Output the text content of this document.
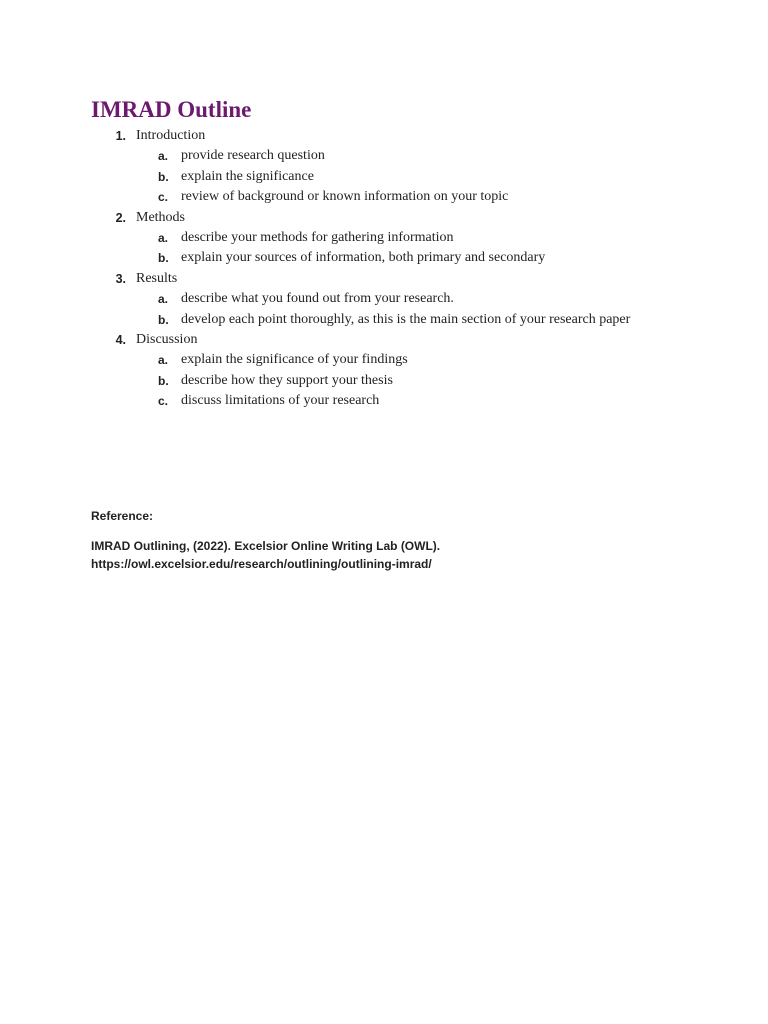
IMRAD Outline
1. Introduction
a. provide research question
b. explain the significance
c. review of background or known information on your topic
2. Methods
a. describe your methods for gathering information
b. explain your sources of information, both primary and secondary
3. Results
a. describe what you found out from your research.
b. develop each point thoroughly, as this is the main section of your research paper
4. Discussion
a. explain the significance of your findings
b. describe how they support your thesis
c. discuss limitations of your research
Reference:
IMRAD Outlining, (2022). Excelsior Online Writing Lab (OWL).
https://owl.excelsior.edu/research/outlining/outlining-imrad/
